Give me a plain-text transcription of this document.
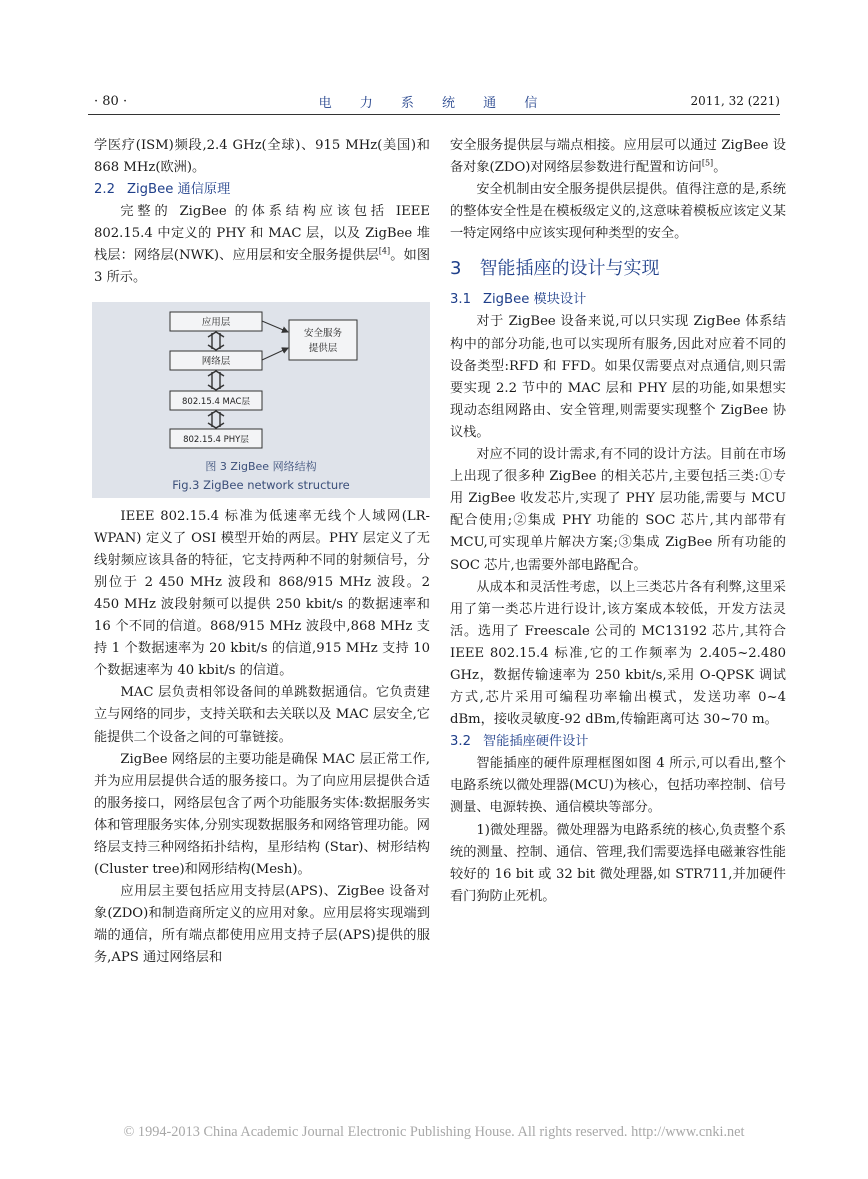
· 80 ·	电 力 系 统 通 信	2011, 32 (221)

学医疗(ISM)频段,2.4 GHz(全球)、915 MHz(美国)和 868 MHz(欧洲)。

2.2 ZigBee 通信原理

完整的 ZigBee 的体系结构应该包括 IEEE 802.15.4 中定义的 PHY 和 MAC 层，以及 ZigBee 堆栈层：网络层(NWK)、应用层和安全服务提供层[4]。如图 3 所示。

应用层
网络层
802.15.4 MAC层
802.15.4 PHY层
安全服务
提供层
图 3 ZigBee 网络结构
Fig.3 ZigBee network structure

IEEE 802.15.4 标准为低速率无线个人域网(LR-WPAN) 定义了 OSI 模型开始的两层。PHY 层定义了无线射频应该具备的特征，它支持两种不同的射频信号，分别位于 2 450 MHz 波段和 868/915 MHz 波段。2 450 MHz 波段射频可以提供 250 kbit/s 的数据速率和 16 个不同的信道。868/915 MHz 波段中,868 MHz 支持 1 个数据速率为 20 kbit/s 的信道,915 MHz 支持 10 个数据速率为 40 kbit/s 的信道。

MAC 层负责相邻设备间的单跳数据通信。它负责建立与网络的同步，支持关联和去关联以及 MAC 层安全,它能提供二个设备之间的可靠链接。

ZigBee 网络层的主要功能是确保 MAC 层正常工作,并为应用层提供合适的服务接口。为了向应用层提供合适的服务接口，网络层包含了两个功能服务实体:数据服务实体和管理服务实体,分别实现数据服务和网络管理功能。网络层支持三种网络拓扑结构，星形结构 (Star)、树形结构(Cluster tree)和网形结构(Mesh)。

应用层主要包括应用支持层(APS)、ZigBee 设备对象(ZDO)和制造商所定义的应用对象。应用层将实现端到端的通信，所有端点都使用应用支持子层(APS)提供的服务,APS 通过网络层和

安全服务提供层与端点相接。应用层可以通过 ZigBee 设备对象(ZDO)对网络层参数进行配置和访问[5]。

安全机制由安全服务提供层提供。值得注意的是,系统的整体安全性是在模板级定义的,这意味着模板应该定义某一特定网络中应该实现何种类型的安全。

3 智能插座的设计与实现
3.1 ZigBee 模块设计

对于 ZigBee 设备来说,可以只实现 ZigBee 体系结构中的部分功能,也可以实现所有服务,因此对应着不同的设备类型:RFD 和 FFD。如果仅需要点对点通信,则只需要实现 2.2 节中的 MAC 层和 PHY 层的功能,如果想实现动态组网路由、安全管理,则需要实现整个 ZigBee 协议栈。

对应不同的设计需求,有不同的设计方法。目前在市场上出现了很多种 ZigBee 的相关芯片,主要包括三类:①专用 ZigBee 收发芯片,实现了 PHY 层功能,需要与 MCU 配合使用;②集成 PHY 功能的 SOC 芯片,其内部带有 MCU,可实现单片解决方案;③集成 ZigBee 所有功能的 SOC 芯片,也需要外部电路配合。

从成本和灵活性考虑，以上三类芯片各有利弊,这里采用了第一类芯片进行设计,该方案成本较低，开发方法灵活。选用了 Freescale 公司的 MC13192 芯片,其符合 IEEE 802.15.4 标准,它的工作频率为 2.405~2.480 GHz，数据传输速率为 250 kbit/s,采用 O-QPSK 调试方式,芯片采用可编程功率输出模式，发送功率 0~4 dBm，接收灵敏度-92 dBm,传输距离可达 30~70 m。

3.2 智能插座硬件设计

智能插座的硬件原理框图如图 4 所示,可以看出,整个电路系统以微处理器(MCU)为核心，包括功率控制、信号测量、电源转换、通信模块等部分。

1)微处理器。微处理器为电路系统的核心,负责整个系统的测量、控制、通信、管理,我们需要选择电磁兼容性能较好的 16 bit 或 32 bit 微处理器,如 STR711,并加硬件看门狗防止死机。

© 1994-2013 China Academic Journal Electronic Publishing House. All rights reserved. http://www.cnki.net
